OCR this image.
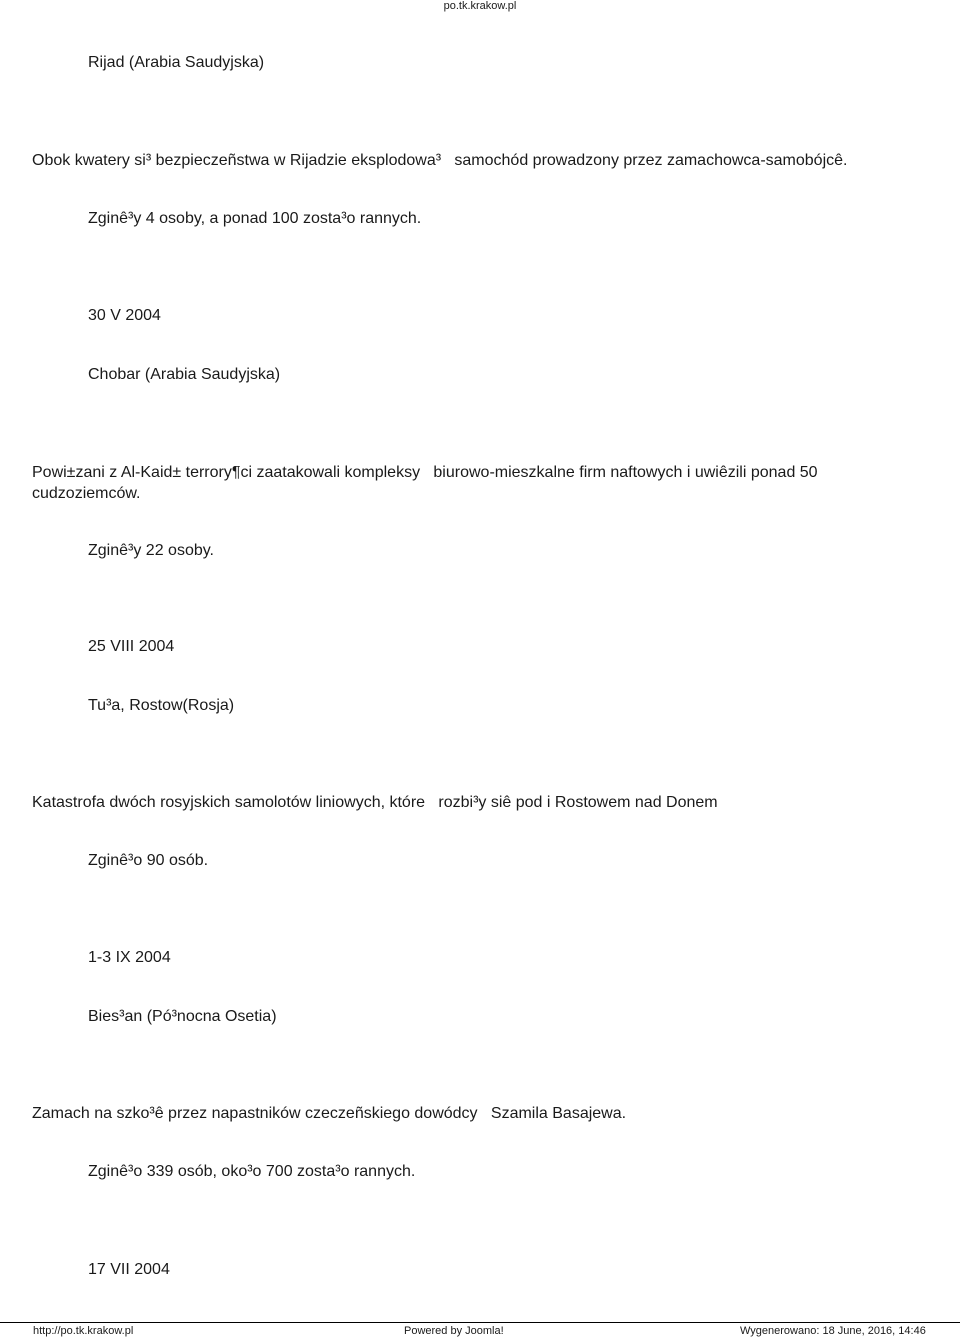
po.tk.krakow.pl

Rijad (Arabia Saudyjska)

Obok kwatery si³ bezpieczeñstwa w Rijadzie eksplodowa³   samochód prowadzony przez zamachowca-samobójcê.

Zginê³y 4 osoby, a ponad 100 zosta³o rannych.

30 V 2004

Chobar (Arabia Saudyjska)

Powi±zani z Al-Kaid± terrory¶ci zaatakowali kompleksy   biurowo-mieszkalne firm naftowych i uwiêzili ponad 50 cudzoziemców.

Zginê³y 22 osoby.

25 VIII 2004

Tu³a, Rostow(Rosja)

Katastrofa dwóch rosyjskich samolotów liniowych, które   rozbi³y siê pod i Rostowem nad Donem

Zginê³o 90 osób.

1-3 IX 2004

Bies³an (Pó³nocna Osetia)

Zamach na szko³ê przez napastników czeczeñskiego dowódcy   Szamila Basajewa.

Zginê³o 339 osób, oko³o 700 zosta³o rannych.

17 VII 2004

http://po.tk.krakow.pl	Powered by Joomla!	Wygenerowano: 18 June, 2016, 14:46
